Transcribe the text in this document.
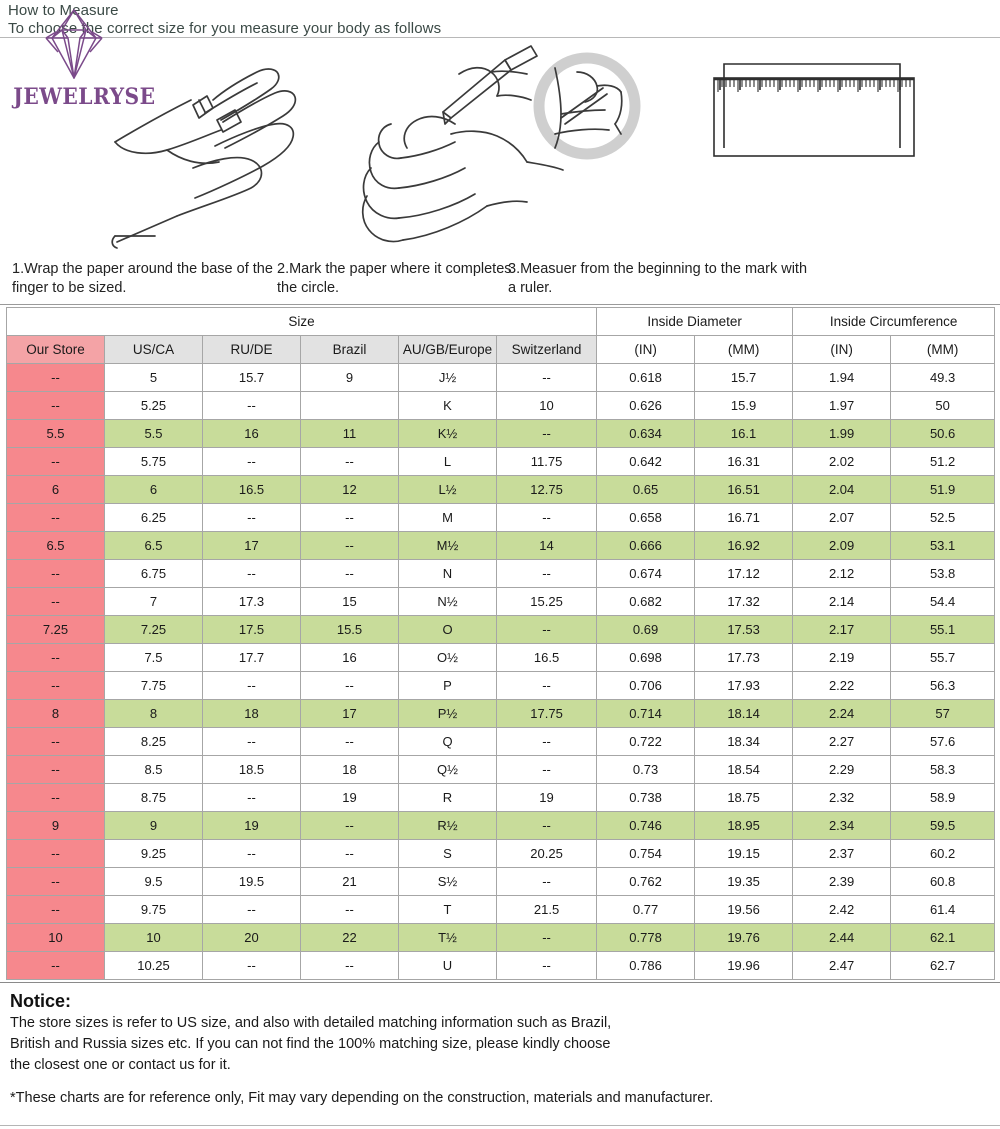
How to Measure
To choose the correct size for you measure your body as follows
JEWELRYSE
1.Wrap the paper around the base of the finger to be sized.
2.Mark the paper where it completes the circle.
3.Measuer from the beginning to the mark with a ruler.
Size						Inside Diameter		Inside Circumference	
Our Store	US/CA	RU/DE	Brazil	AU/GB/Europe	Switzerland	(IN)	(MM)	(IN)	(MM)
--	5	15.7	9	J½	--	0.618	15.7	1.94	49.3
--	5.25	--		K	10	0.626	15.9	1.97	50
5.5	5.5	16	11	K½	--	0.634	16.1	1.99	50.6
--	5.75	--	--	L	11.75	0.642	16.31	2.02	51.2
6	6	16.5	12	L½	12.75	0.65	16.51	2.04	51.9
--	6.25	--	--	M	--	0.658	16.71	2.07	52.5
6.5	6.5	17	--	M½	14	0.666	16.92	2.09	53.1
--	6.75	--	--	N	--	0.674	17.12	2.12	53.8
--	7	17.3	15	N½	15.25	0.682	17.32	2.14	54.4
7.25	7.25	17.5	15.5	O	--	0.69	17.53	2.17	55.1
--	7.5	17.7	16	O½	16.5	0.698	17.73	2.19	55.7
--	7.75	--	--	P	--	0.706	17.93	2.22	56.3
8	8	18	17	P½	17.75	0.714	18.14	2.24	57
--	8.25	--	--	Q	--	0.722	18.34	2.27	57.6
--	8.5	18.5	18	Q½	--	0.73	18.54	2.29	58.3
--	8.75	--	19	R	19	0.738	18.75	2.32	58.9
9	9	19	--	R½	--	0.746	18.95	2.34	59.5
--	9.25	--	--	S	20.25	0.754	19.15	2.37	60.2
--	9.5	19.5	21	S½	--	0.762	19.35	2.39	60.8
--	9.75	--	--	T	21.5	0.77	19.56	2.42	61.4
10	10	20	22	T½	--	0.778	19.76	2.44	62.1
--	10.25	--	--	U	--	0.786	19.96	2.47	62.7
Notice:
The store sizes is refer to US size, and also with detailed matching information such as Brazil,
British and Russia sizes etc. If you can not find the 100% matching size, please kindly choose
the closest one or contact us for it.
*These charts are for reference only, Fit may vary depending on the construction, materials and manufacturer.
